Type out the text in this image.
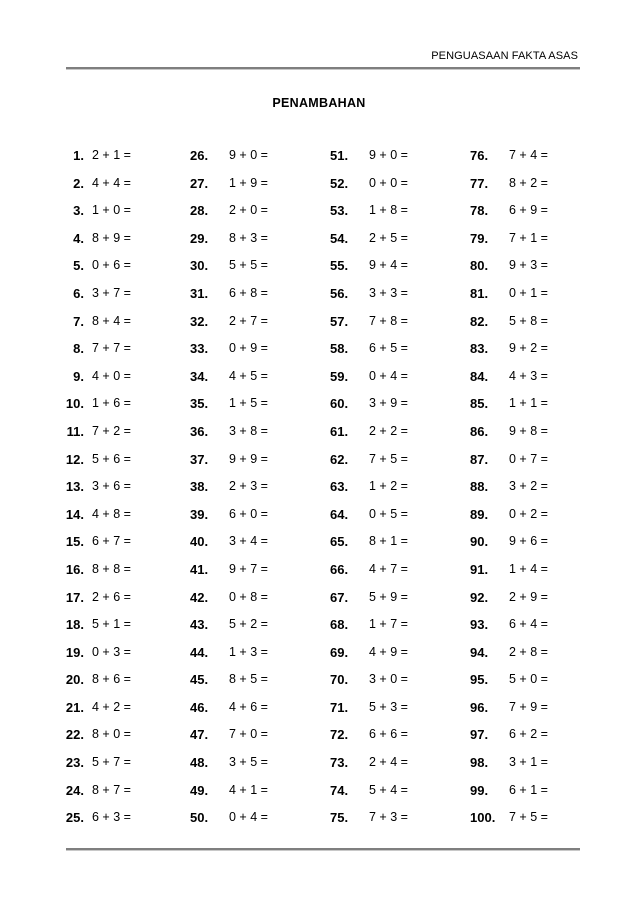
PENGUASAAN FAKTA ASAS
PENAMBAHAN
1. 2 + 1 =
2. 4 + 4 =
3. 1 + 0 =
4. 8 + 9 =
5. 0 + 6 =
6. 3 + 7 =
7. 8 + 4 =
8. 7 + 7 =
9. 4 + 0 =
10. 1 + 6 =
11. 7 + 2 =
12. 5 + 6 =
13. 3 + 6 =
14. 4 + 8 =
15. 6 + 7 =
16. 8 + 8 =
17. 2 + 6 =
18. 5 + 1 =
19. 0 + 3 =
20. 8 + 6 =
21. 4 + 2 =
22. 8 + 0 =
23. 5 + 7 =
24. 8 + 7 =
25. 6 + 3 =
26.	9 + 0 =
27.	1 + 9 =
28.	2 + 0 =
29.	8 + 3 =
30.	5 + 5 =
31.	6 + 8 =
32.	2 + 7 =
33.	0 + 9 =
34.	4 + 5 =
35.	1 + 5 =
36.	3 + 8 =
37.	9 + 9 =
38.	2 + 3 =
39.	6 + 0 =
40.	3 + 4 =
41.	9 + 7 =
42.	0 + 8 =
43.	5 + 2 =
44.	1 + 3 =
45.	8 + 5 =
46.	4 + 6 =
47.	7 + 0 =
48.	3 + 5 =
49.	4 + 1 =
50.	0 + 4 =
51.	9 + 0 =
52.	0 + 0 =
53.	1 + 8 =
54.	2 + 5 =
55.	9 + 4 =
56.	3 + 3 =
57.	7 + 8 =
58.	6 + 5 =
59.	0 + 4 =
60.	3 + 9 =
61.	2 + 2 =
62.	7 + 5 =
63.	1 + 2 =
64.	0 + 5 =
65.	8 + 1 =
66.	4 + 7 =
67.	5 + 9 =
68.	1 + 7 =
69.	4 + 9 =
70.	3 + 0 =
71.	5 + 3 =
72.	6 + 6 =
73.	2 + 4 =
74.	5 + 4 =
75.	7 + 3 =
76.	7 + 4 =
77.	8 + 2 =
78.	6 + 9 =
79.	7 + 1 =
80.	9 + 3 =
81.	0 + 1 =
82.	5 + 8 =
83.	9 + 2 =
84.	4 + 3 =
85.	1 + 1 =
86.	9 + 8 =
87.	0 + 7 =
88.	3 + 2 =
89.	0 + 2 =
90.	9 + 6 =
91.	1 + 4 =
92.	2 + 9 =
93.	6 + 4 =
94.	2 + 8 =
95.	5 + 0 =
96.	7 + 9 =
97.	6 + 2 =
98.	3 + 1 =
99.	6 + 1 =
100.	7 + 5 =
